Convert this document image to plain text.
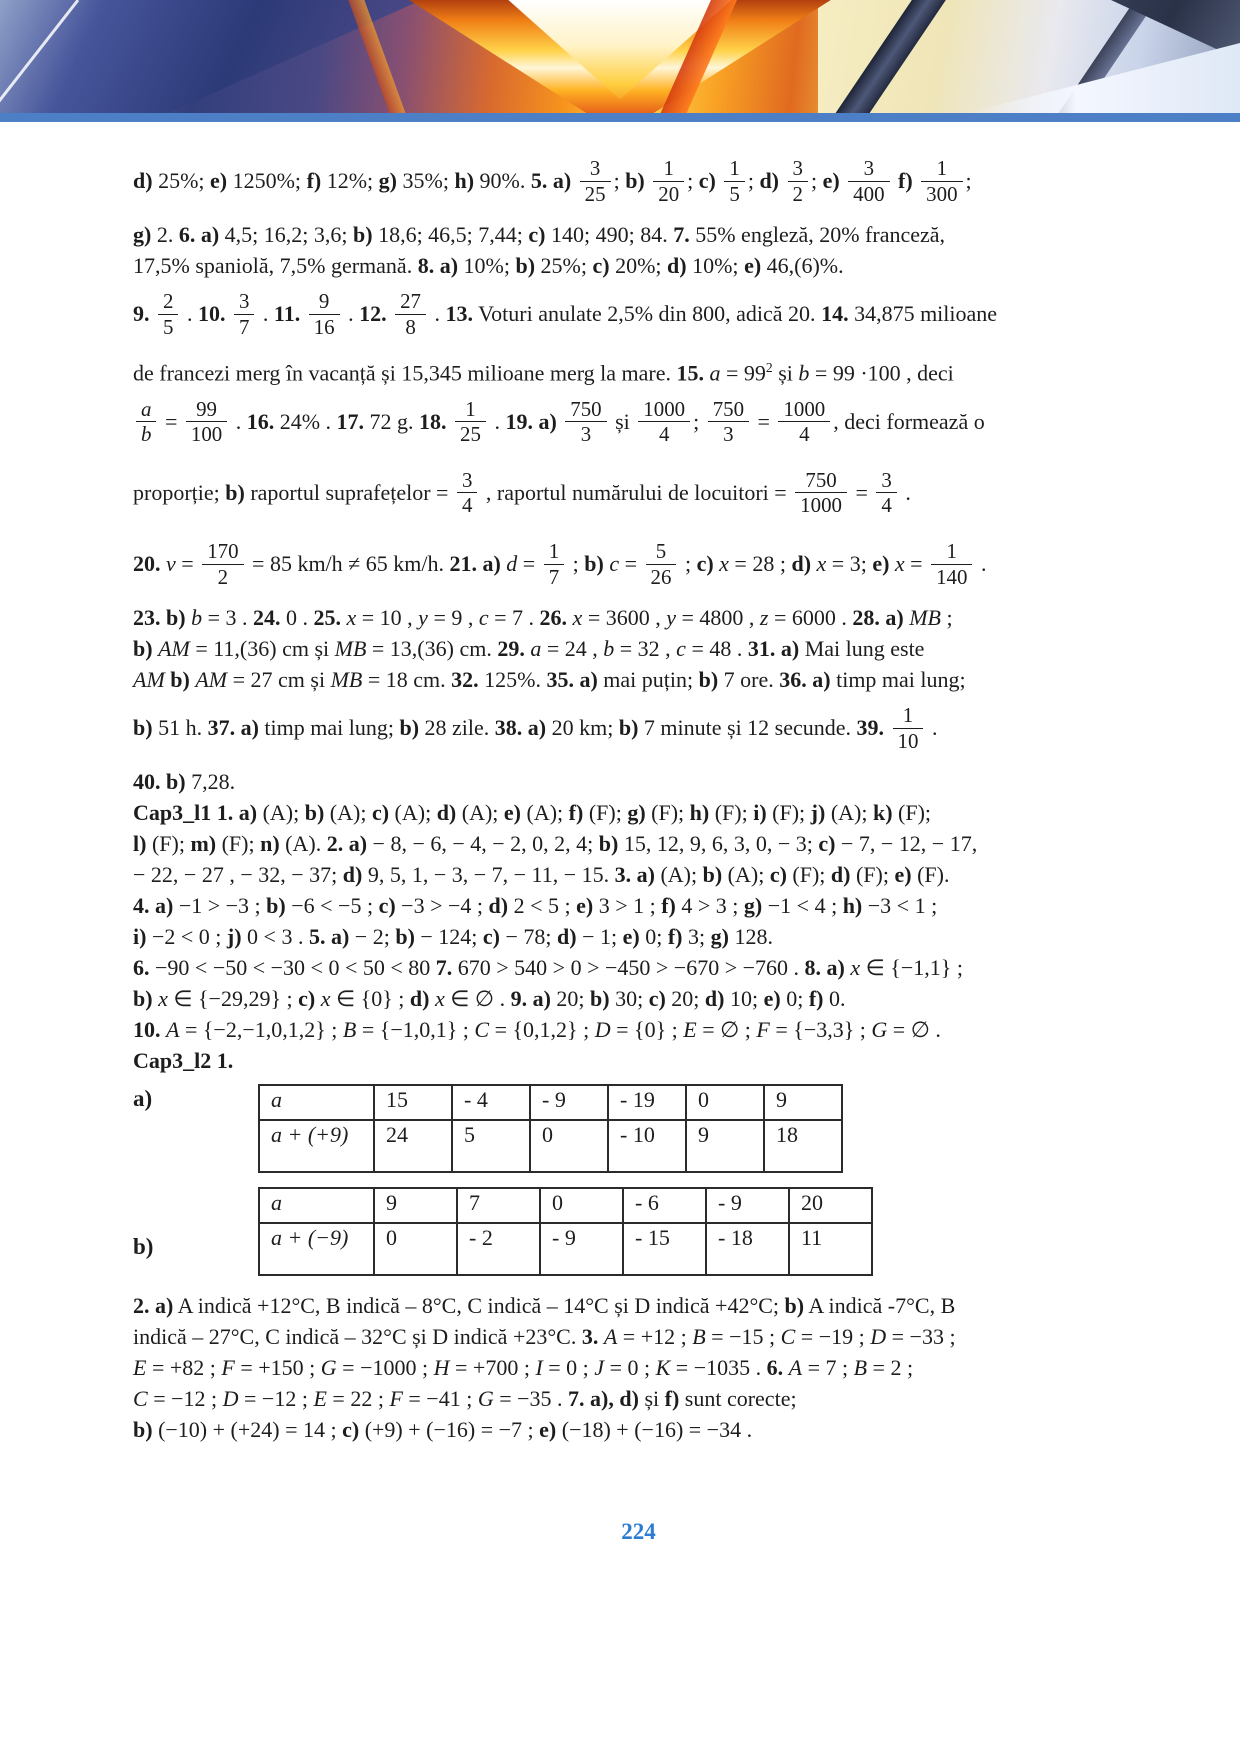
d) 25%; e) 1250%; f) 12%; g) 35%; h) 90%. 5. $a) \frac{3}{25}$ ; $b) \frac{1}{20}$ ; $c) \frac{1}{5}$ ; $d) \frac{3}{2}$ ; $e) \frac{3}{400} f) \frac{1}{300}$ ;
g) 2. 6. a) 4,5; 16,2; 3,6; b) 18,6; 46,5; 7,44; c) 140; 490; 84. 7. 55% engleză, 20% franceză,
17,5% spaniolă, 7,5% germană. 8. a) 10%; b) 25%; c) 20%; d) 10%; e) 46,(6)%.
9. $\frac{2}{5}$ . 10. $\frac{3}{7}$ . 11. $\frac{9}{16}$ . 12. $\frac{27}{8}$ . 13. Voturi anulate 2,5% din 800, adică 20. 14. 34,875 milioane
de francezi merg în vacanță și 15,345 milioane merg la mare. 15. $a = 99^2$ și b = 99 ·100 , deci
$\frac{a}{b} = \frac{99}{100}$ . 16. 24% . 17. 72 g. 18. $\frac{1}{25}$ . 19. $a) \frac{750}{3}$ și $\frac{1000}{4}$ ; $\frac{750}{3} = \frac{1000}{4}$ , deci formează o
proporție; b) raportul suprafețelor = $\frac{3}{4}$ , raportul numărului de locuitori = $\frac{750}{1000} = \frac{3}{4}$ .
20. $v = \frac{170}{2} = 85$ km/h ≠ 65 km/h. 21. a) $d = \frac{1}{7}$ ; b) $c = \frac{5}{26}$ ; c) x = 28 ; d) x = 3; e) $x = \frac{1}{140}$ .
23. b) b = 3 . 24. 0 . 25. x = 10 , y = 9 , c = 7 . 26. x = 3600 , y = 4800 , z = 6000 . 28. a) MB ;
b) AM = 11,(36) cm și MB = 13,(36) cm. 29. a = 24 , b = 32 , c = 48 . 31. a) Mai lung este
AM b) AM = 27 cm și MB = 18 cm. 32. 125%. 35. a) mai puțin; b) 7 ore. 36. a) timp mai lung;
b) 51 h. 37. a) timp mai lung; b) 28 zile. 38. a) 20 km; b) 7 minute și 12 secunde. 39. $\frac{1}{10}$ .
40. b) 7,28.
Cap3_l1 1. a) (A); b) (A); c) (A); d) (A); e) (A); f) (F); g) (F); h) (F); i) (F); j) (A); k) (F);
l) (F); m) (F); n) (A). 2. a) − 8, − 6, − 4, − 2, 0, 2, 4; b) 15, 12, 9, 6, 3, 0, − 3; c) − 7, − 12, − 17,
− 22, − 27 , − 32, − 37; d) 9, 5, 1, − 3, − 7, − 11, − 15. 3. a) (A); b) (A); c) (F); d) (F); e) (F).
4. a) −1 > −3 ; b) −6 < −5 ; c) −3 > −4 ; d) 2 < 5 ; e) 3 > 1 ; f) 4 > 3 ; g) −1 < 4 ; h) −3 < 1 ;
i) −2 < 0 ; j) 0 < 3 . 5. a) − 2; b) − 124; c) − 78; d) − 1; e) 0; f) 3; g) 128.
6. −90 < −50 < −30 < 0 < 50 < 80 7. 670 > 540 > 0 > −450 > −670 > −760 . 8. a) x ∈ {−1,1} ;
b) x ∈ {−29,29} ; c) x ∈ {0} ; d) x ∈ ∅ . 9. a) 20; b) 30; c) 20; d) 10; e) 0; f) 0.
10. A = {−2,−1,0,1,2} ; B = {−1,0,1} ; C = {0,1,2} ; D = {0} ; E = ∅ ; F = {−3,3} ; G = ∅ .
Cap3_l2 1.
a)	a	15	- 4	- 9	- 19	0	9
a + (+9)	24	5	0	- 10	9	18
b)
a	9	7	0	- 6	- 9	20
a + (−9)	0	- 2	- 9	- 15	- 18	11
2. a) A indică +12°C, B indică – 8°C, C indică – 14°C și D indică +42°C; b) A indică -7°C, B
indică – 27°C, C indică – 32°C și D indică +23°C. 3. A = +12 ; B = −15 ; C = −19 ; D = −33 ;
E = +82 ; F = +150 ; G = −1000 ; H = +700 ; I = 0 ; J = 0 ; K = −1035 . 6. A = 7 ; B = 2 ;
C = −12 ; D = −12 ; E = 22 ; F = −41 ; G = −35 . 7. a), d) și f) sunt corecte;
b) (−10) + (+24) = 14 ; c) (+9) + (−16) = −7 ; e) (−18) + (−16) = −34 .
224
